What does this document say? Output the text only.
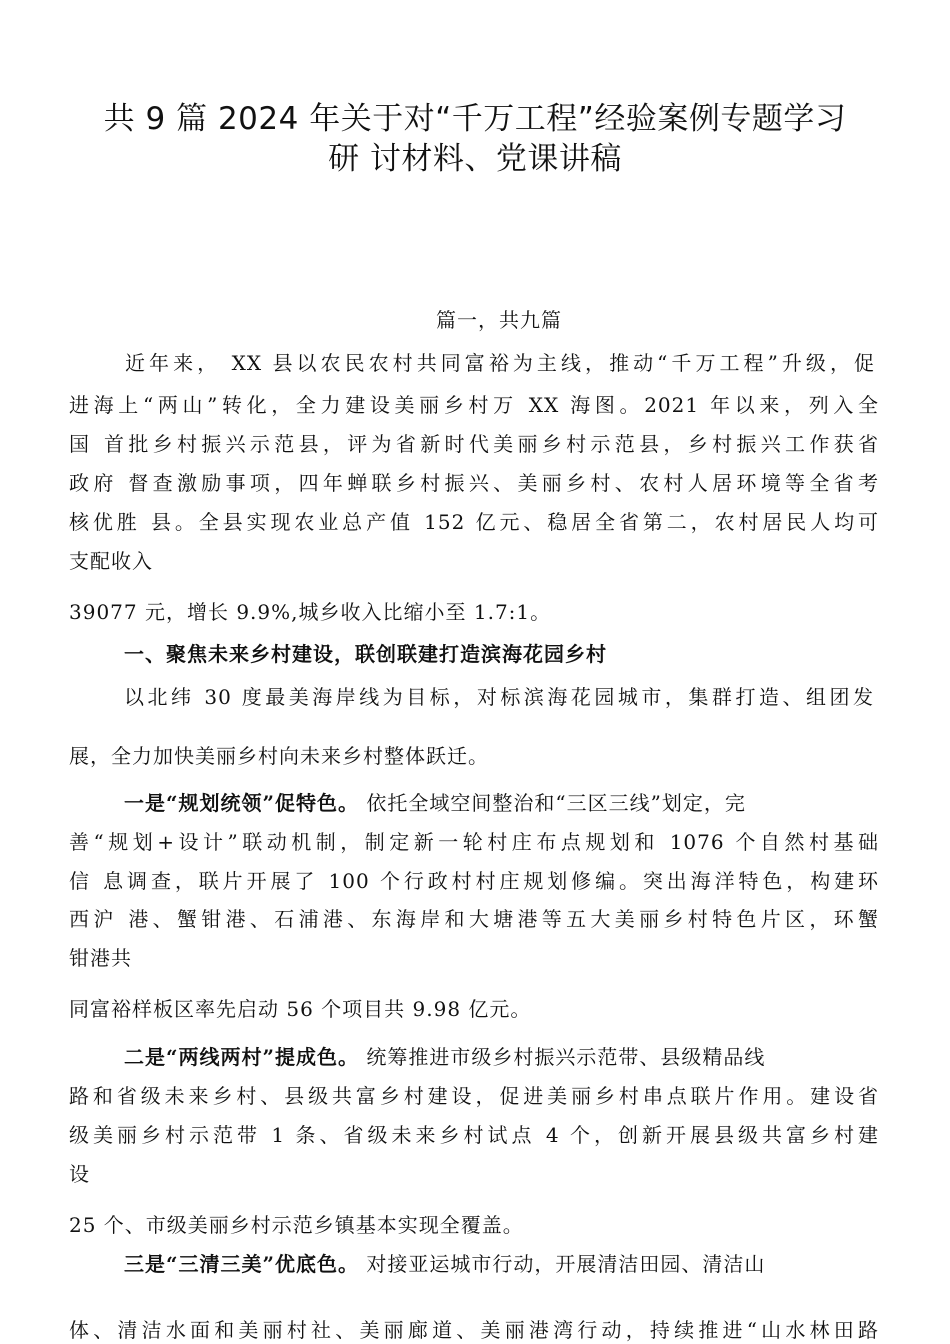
共 9 篇 2024 年关于对“千万工程”经验案例专题学习
研 讨材料、党课讲稿
篇一，共九篇
近年来， XX 县以农民农村共同富裕为主线，推动“千万工程”升级，促
进海上“两山”转化，全力建设美丽乡村万 XX 海图。2021 年以来，列入全
国 首批乡村振兴示范县，评为省新时代美丽乡村示范县，乡村振兴工作获省
政府 督查激励事项，四年蝉联乡村振兴、美丽乡村、农村人居环境等全省考
核优胜 县。全县实现农业总产值 152 亿元、稳居全省第二，农村居民人均可
支配收入
39077 元，增长 9.9%,城乡收入比缩小至 1.7:1。
一、聚焦未来乡村建设，联创联建打造滨海花园乡村
以北纬 30 度最美海岸线为目标，对标滨海花园城市，集群打造、组团发
展，全力加快美丽乡村向未来乡村整体跃迁。
一是“规划统领”促特色。 依托全域空间整治和“三区三线”划定，完
善“规划+设计”联动机制，制定新一轮村庄布点规划和 1076 个自然村基础
信 息调查，联片开展了 100 个行政村村庄规划修编。突出海洋特色，构建环
西沪 港、蟹钳港、石浦港、东海岸和大塘港等五大美丽乡村特色片区，环蟹
钳港共
同富裕样板区率先启动 56 个项目共 9.98 亿元。
二是“两线两村”提成色。 统筹推进市级乡村振兴示范带、县级精品线
路和省级未来乡村、县级共富乡村建设，促进美丽乡村串点联片作用。建设省
级美丽乡村示范带 1 条、省级未来乡村试点 4 个，创新开展县级共富乡村建
设
25 个、市级美丽乡村示范乡镇基本实现全覆盖。
三是“三清三美”优底色。 对接亚运城市行动，开展清洁田园、清洁山
体、清洁水面和美丽村社、美丽廊道、美丽港湾行动，持续推进“山水林田路
